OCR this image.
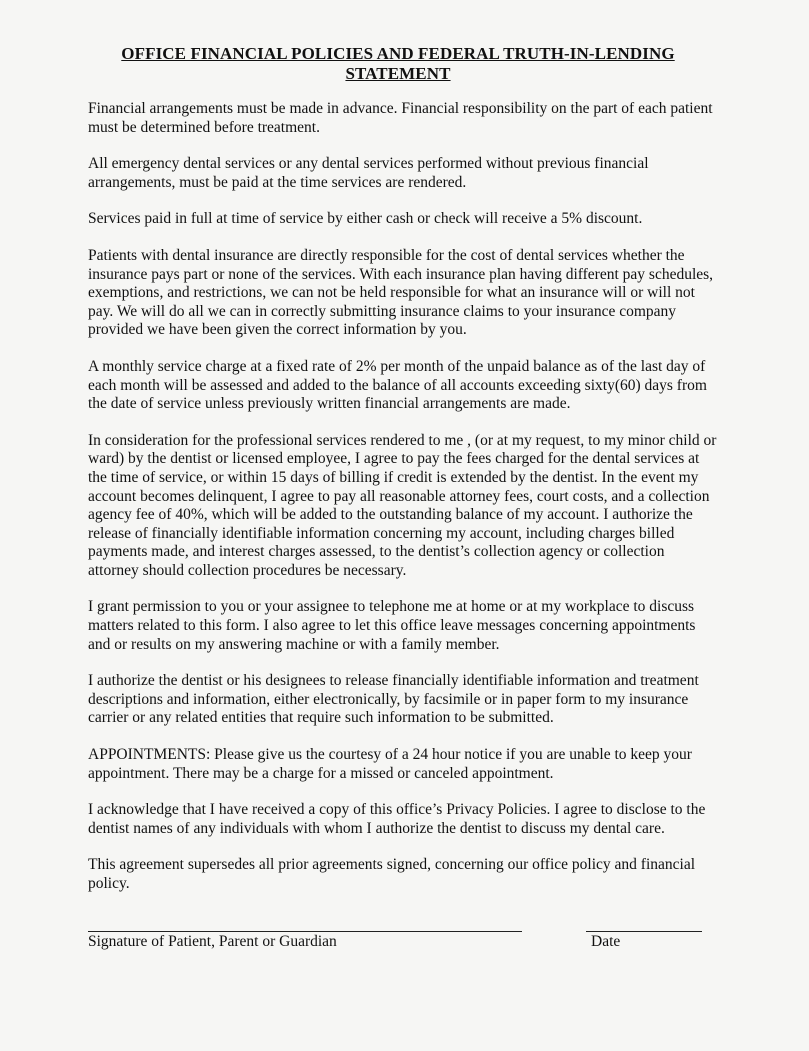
OFFICE FINANCIAL POLICIES AND FEDERAL TRUTH-IN-LENDING STATEMENT

Financial arrangements must be made in advance. Financial responsibility on the part of each patient must be determined before treatment.

All emergency dental services or any dental services performed without previous financial arrangements, must be paid at the time services are rendered.

Services paid in full at time of service by either cash or check will receive a 5% discount.

Patients with dental insurance are directly responsible for the cost of dental services whether the insurance pays part or none of the services. With each insurance plan having different pay schedules, exemptions, and restrictions, we can not be held responsible for what an insurance will or will not pay. We will do all we can in correctly submitting insurance claims to your insurance company provided we have been given the correct information by you.

A monthly service charge at a fixed rate of 2% per month of the unpaid balance as of the last day of each month will be assessed and added to the balance of all accounts exceeding sixty(60) days from the date of service unless previously written financial arrangements are made.

In consideration for the professional services rendered to me , (or at my request, to my minor child or ward) by the dentist or licensed employee, I agree to pay the fees charged for the dental services at the time of service, or within 15 days of billing if credit is extended by the dentist. In the event my account becomes delinquent, I agree to pay all reasonable attorney fees, court costs, and a collection agency fee of 40%, which will be added to the outstanding balance of my account. I authorize the release of financially identifiable information concerning my account, including charges billed payments made, and interest charges assessed, to the dentist’s collection agency or collection attorney should collection procedures be necessary.

I grant permission to you or your assignee to telephone me at home or at my workplace to discuss matters related to this form. I also agree to let this office leave messages concerning appointments and or results on my answering machine or with a family member.

I authorize the dentist or his designees to release financially identifiable information and treatment descriptions and information, either electronically, by facsimile or in paper form to my insurance carrier or any related entities that require such information to be submitted.

APPOINTMENTS: Please give us the courtesy of a 24 hour notice if you are unable to keep your appointment. There may be a charge for a missed or canceled appointment.

I acknowledge that I have received a copy of this office’s Privacy Policies. I agree to disclose to the dentist names of any individuals with whom I authorize the dentist to discuss my dental care.

This agreement supersedes all prior agreements signed, concerning our office policy and financial policy.

Signature of Patient, Parent or Guardian	Date
